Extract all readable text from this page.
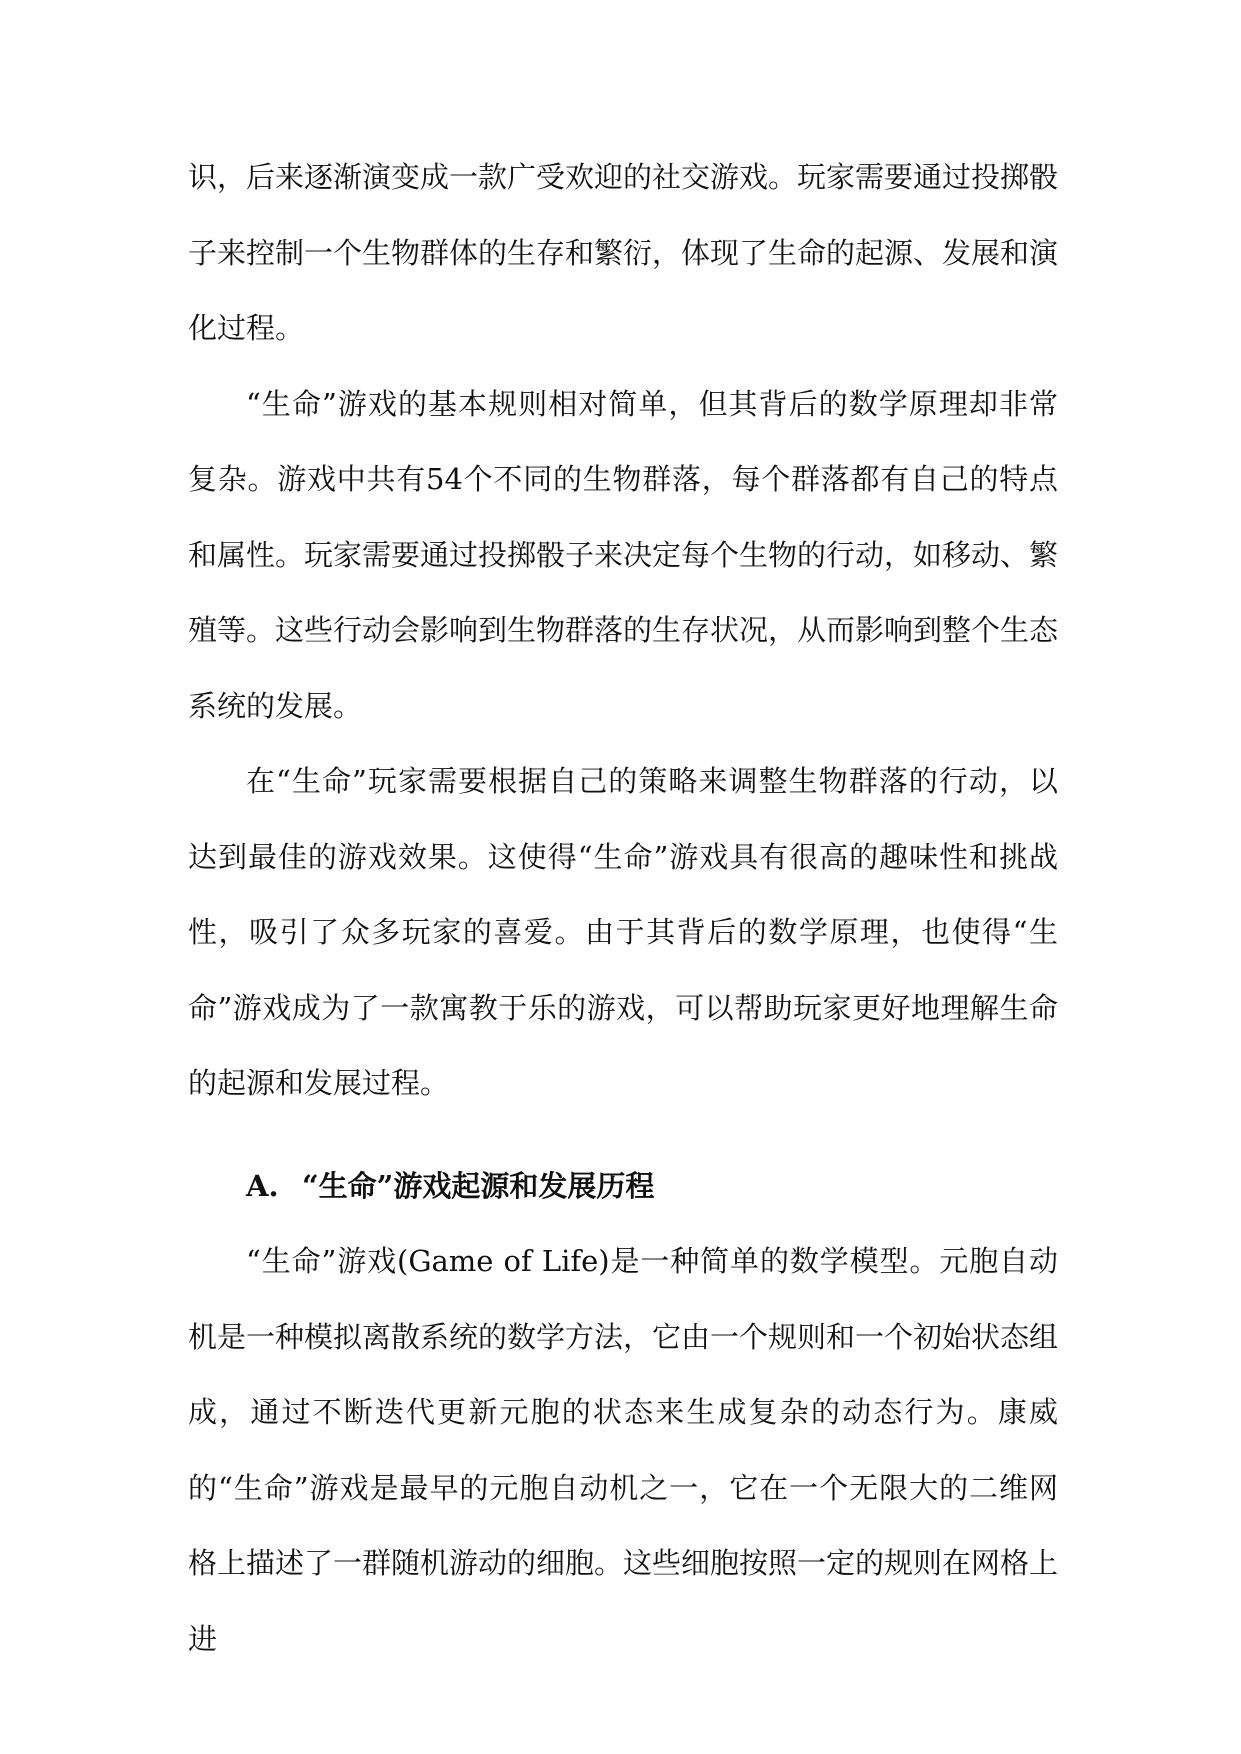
识，后来逐渐演变成一款广受欢迎的社交游戏。玩家需要通过投掷骰子来控制一个生物群体的生存和繁衍，体现了生命的起源、发展和演化过程。

“生命”游戏的基本规则相对简单，但其背后的数学原理却非常复杂。游戏中共有54个不同的生物群落，每个群落都有自己的特点和属性。玩家需要通过投掷骰子来决定每个生物的行动，如移动、繁殖等。这些行动会影响到生物群落的生存状况，从而影响到整个生态系统的发展。

在“生命”玩家需要根据自己的策略来调整生物群落的行动，以达到最佳的游戏效果。这使得“生命”游戏具有很高的趣味性和挑战性，吸引了众多玩家的喜爱。由于其背后的数学原理，也使得“生命”游戏成为了一款寓教于乐的游戏，可以帮助玩家更好地理解生命的起源和发展过程。

A. “生命”游戏起源和发展历程

“生命”游戏(Game of Life)是一种简单的数学模型。元胞自动机是一种模拟离散系统的数学方法，它由一个规则和一个初始状态组成，通过不断迭代更新元胞的状态来生成复杂的动态行为。康威的“生命”游戏是最早的元胞自动机之一，它在一个无限大的二维网格上描述了一群随机游动的细胞。这些细胞按照一定的规则在网格上进
